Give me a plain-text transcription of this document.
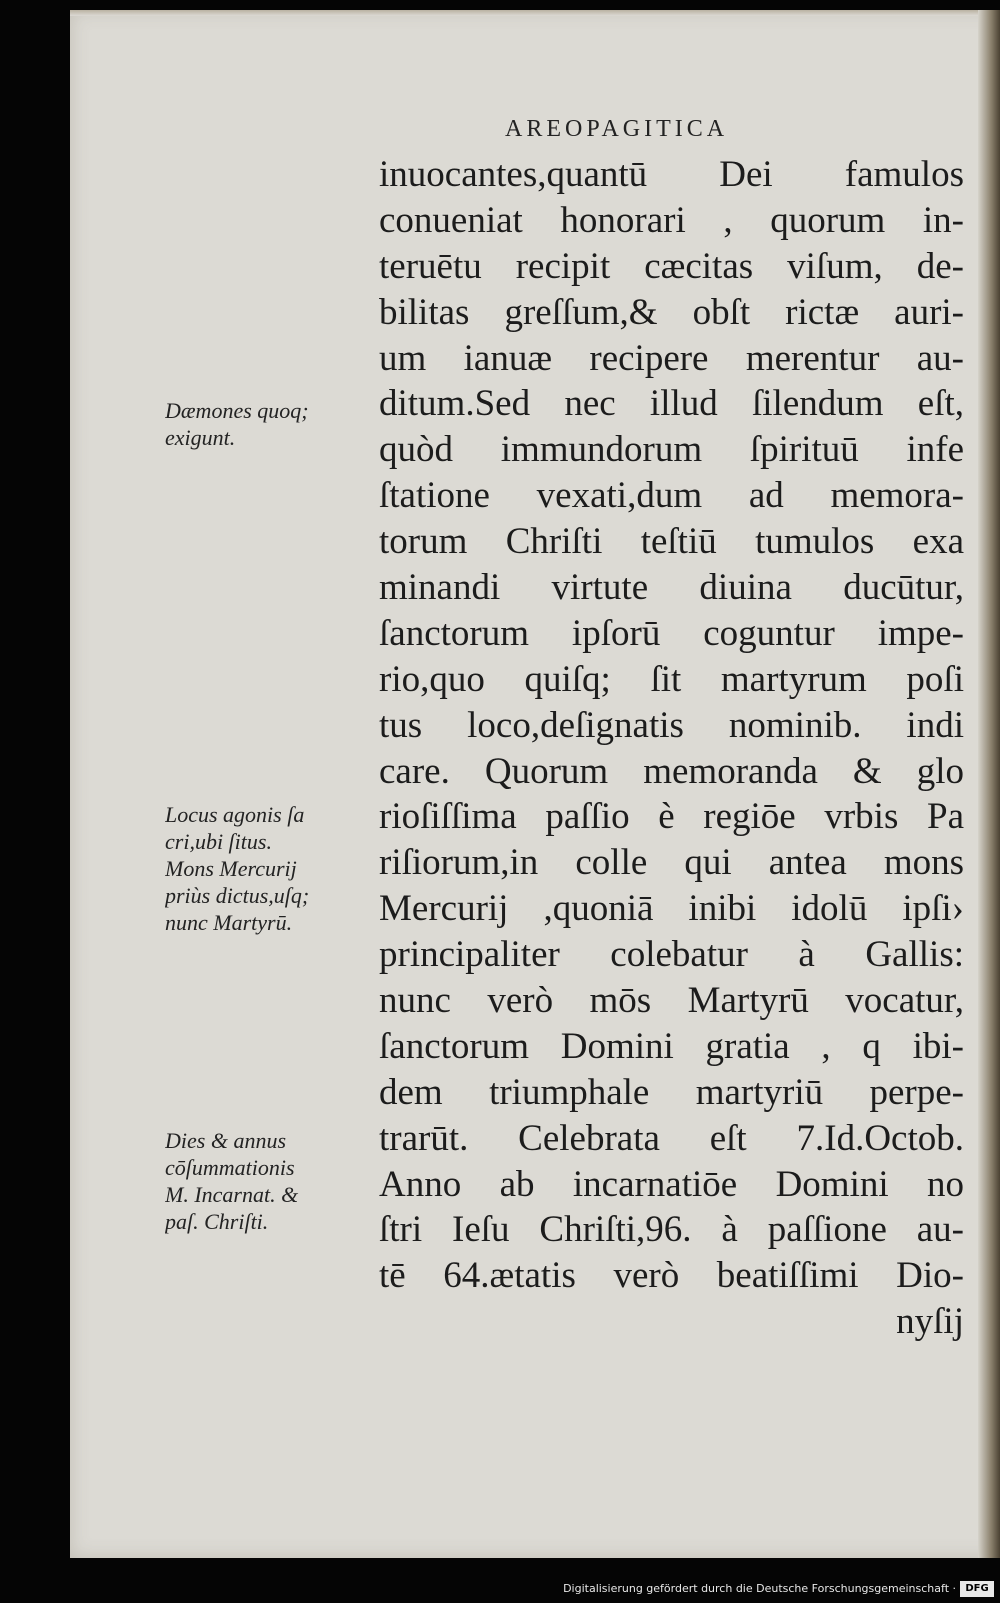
AREOPAGITICA
inuocantes,quantū Dei famulos
conueniat honorari , quorum in-
teruētu recipit cæcitas viſum, de-
bilitas greſſum,& obſt rictæ auri-
um ianuæ recipere merentur au-
ditum.Sed nec illud ſilendum eſt,
quòd immundorum ſpirituū infe
ſtatione vexati,dum ad memora-
torum Chriſti teſtiū tumulos exa
minandi virtute diuina ducūtur,
ſanctorum ipſorū coguntur impe-
rio,quo quiſq; ſit martyrum poſi
tus loco,deſignatis nominib. indi
care. Quorum memoranda & glo
rioſiſſima paſſio è regiōe vrbis Pa
riſiorum,in colle qui antea mons
Mercurij ,quoniā inibi idolū ipſi›
principaliter colebatur à Gallis:
nunc verò mōs Martyrū vocatur,
ſanctorum Domini gratia , q ibi-
dem triumphale martyriū perpe-
trarūt. Celebrata eſt 7.Id.Octob.
Anno ab incarnatiōe Domini no
ſtri Ieſu Chriſti,96. à paſſione au-
tē 64.ætatis verò beatiſſimi Dio-
nyſij
Dæmones quoq;
exigunt.
Locus agonis ſa
cri,ubi ſitus.
Mons Mercurij
priùs dictus,uſq;
nunc Martyrū.
Dies & annus
cōſummationis
M. Incarnat. &
paſ. Chriſti.
Digitalisierung gefördert durch die Deutsche Forschungsgemeinschaft · DFG
